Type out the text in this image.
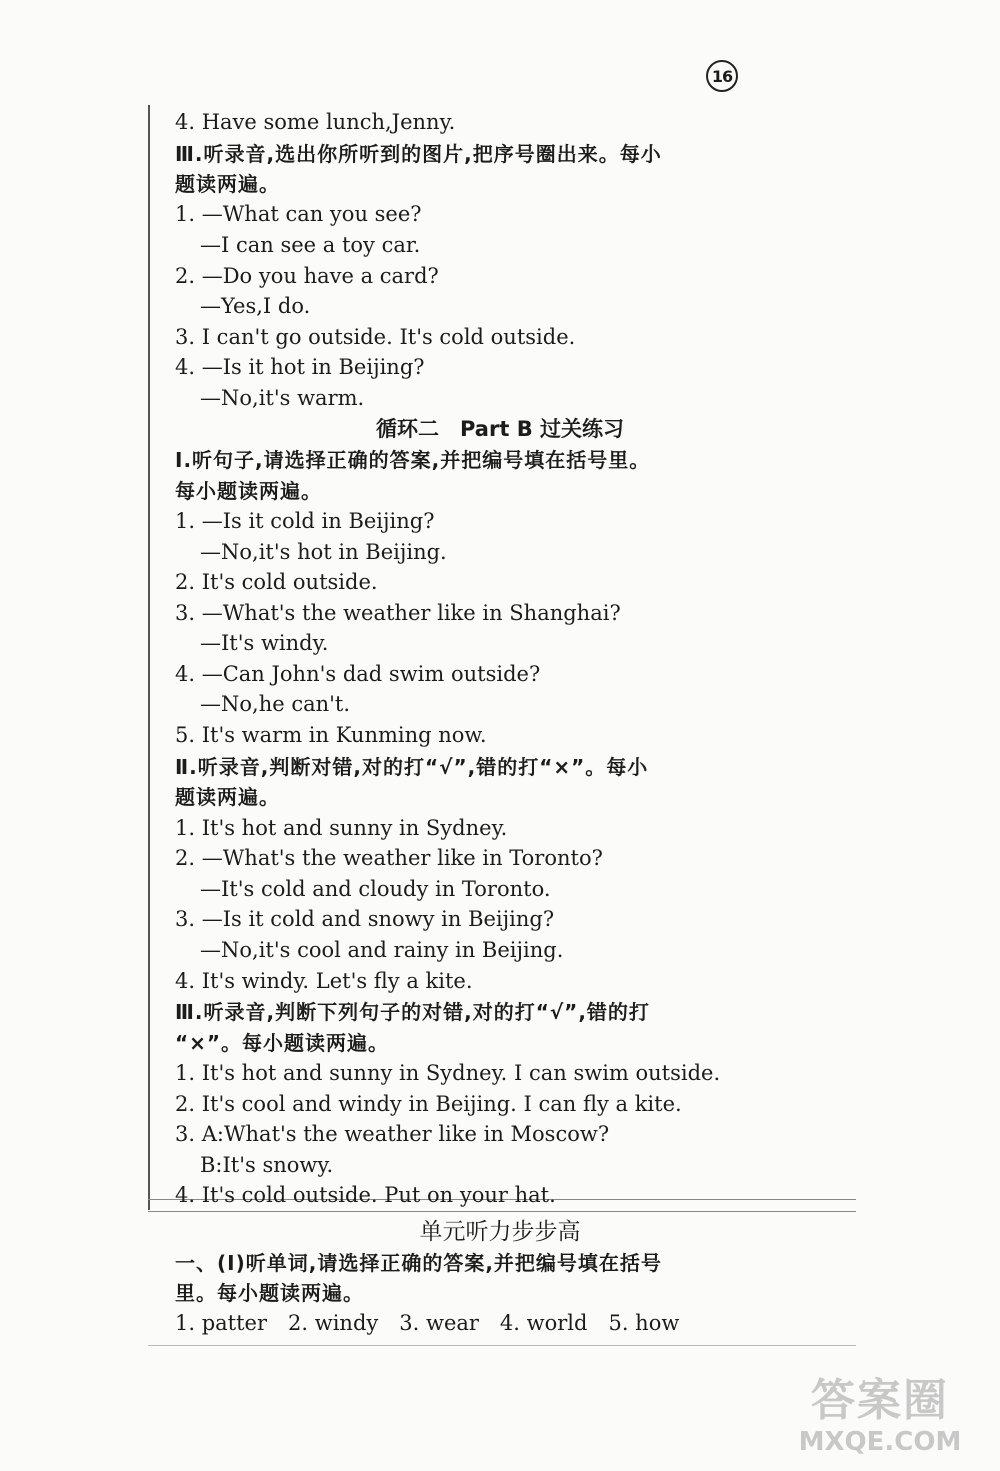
16
4. Have some lunch,Jenny.
Ⅲ.听录音,选出你所听到的图片,把序号圈出来。每小
题读两遍。
1. —What can you see?
—I can see a toy car.
2. —Do you have a card?
—Yes,I do.
3. I can't go outside. It's cold outside.
4. —Is it hot in Beijing?
—No,it's warm.
循环二　Part B 过关练习
Ⅰ.听句子,请选择正确的答案,并把编号填在括号里。
每小题读两遍。
1. —Is it cold in Beijing?
—No,it's hot in Beijing.
2. It's cold outside.
3. —What's the weather like in Shanghai?
—It's windy.
4. —Can John's dad swim outside?
—No,he can't.
5. It's warm in Kunming now.
Ⅱ.听录音,判断对错,对的打“√”,错的打“×”。每小
题读两遍。
1. It's hot and sunny in Sydney.
2. —What's the weather like in Toronto?
—It's cold and cloudy in Toronto.
3. —Is it cold and snowy in Beijing?
—No,it's cool and rainy in Beijing.
4. It's windy. Let's fly a kite.
Ⅲ.听录音,判断下列句子的对错,对的打“√”,错的打
“×”。每小题读两遍。
1. It's hot and sunny in Sydney. I can swim outside.
2. It's cool and windy in Beijing. I can fly a kite.
3. A:What's the weather like in Moscow?
B:It's snowy.
4. It's cold outside. Put on your hat.
单元听力步步高
一、(Ⅰ)听单词,请选择正确的答案,并把编号填在括号
里。每小题读两遍。
1. patter　2. windy　3. wear　4. world　5. how
答案圈
MXQE.COM
